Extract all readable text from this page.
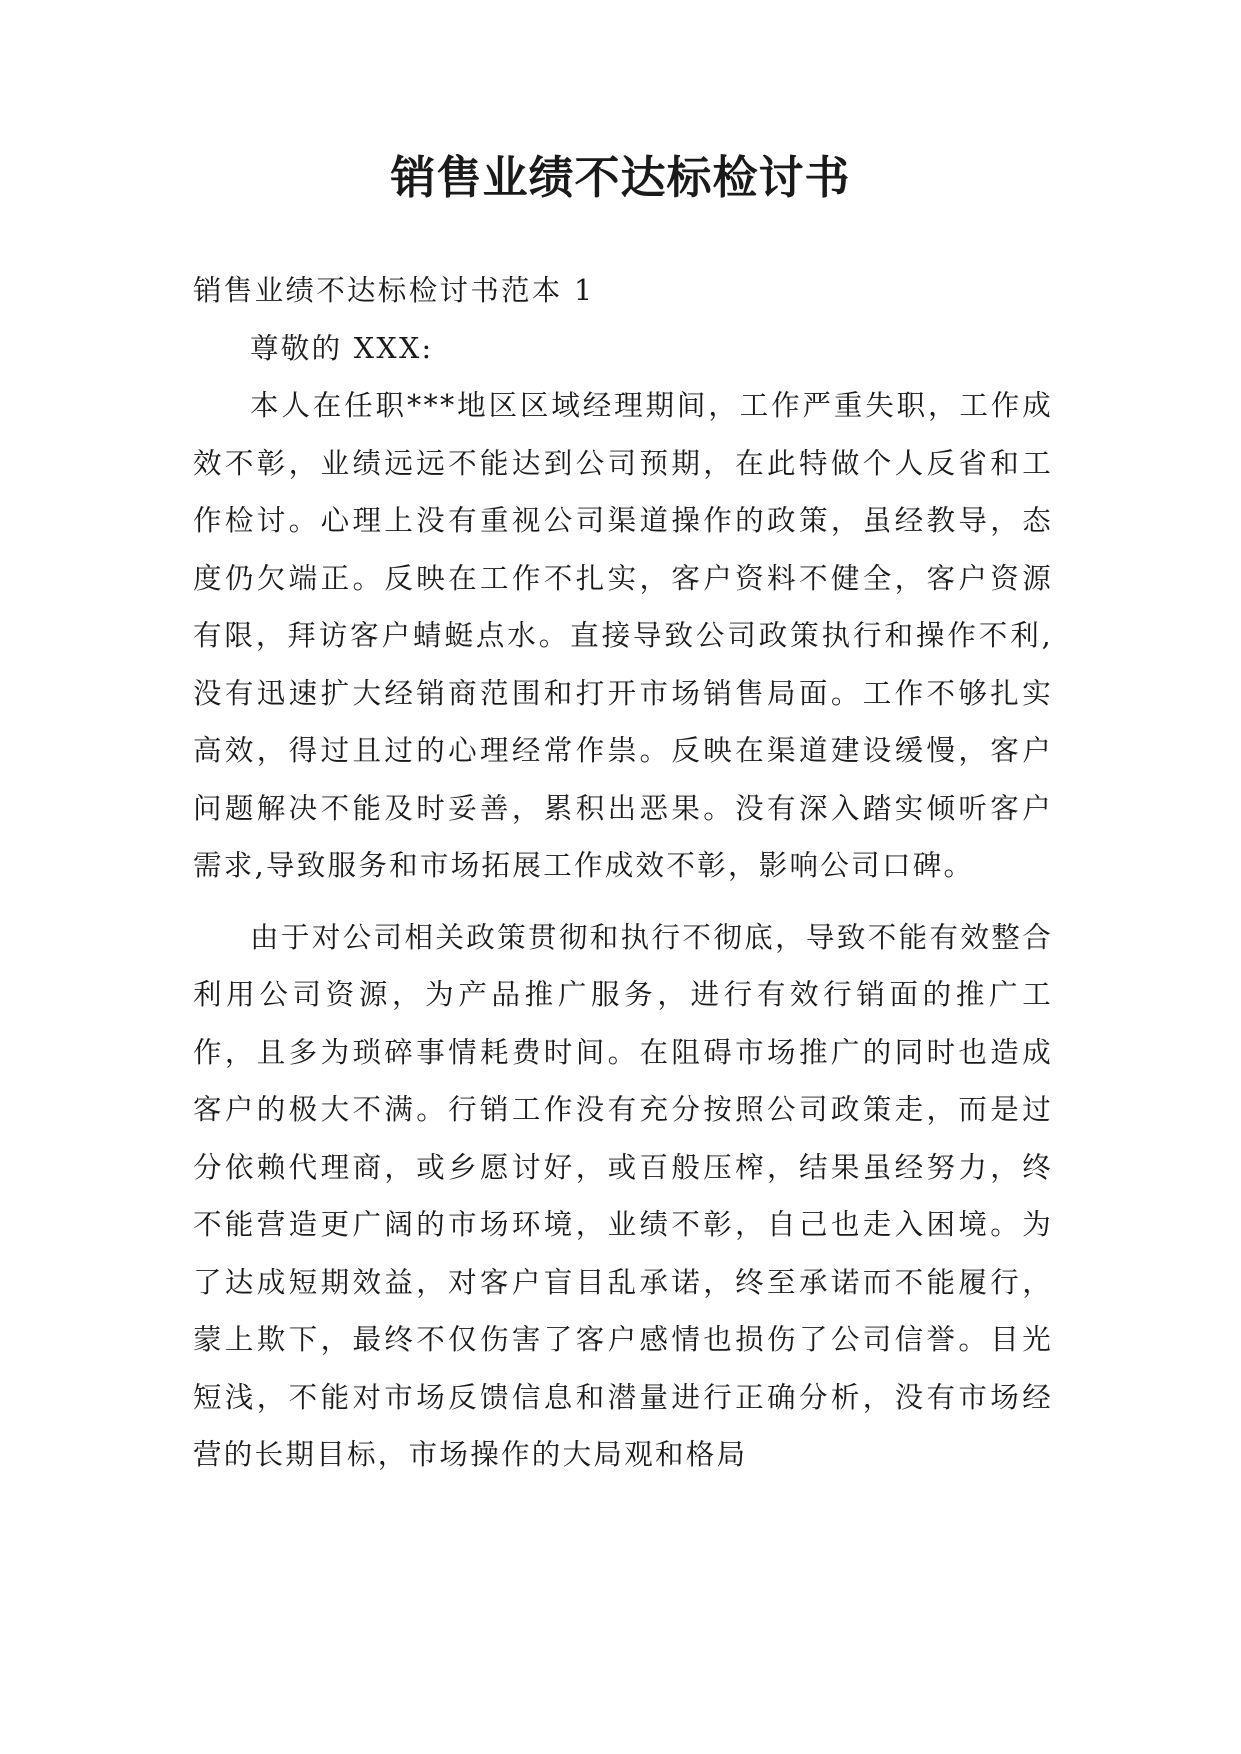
销售业绩不达标检讨书

销售业绩不达标检讨书范本 1

尊敬的 XXX:

本人在任职***地区区域经理期间，工作严重失职，工作成效不彰，业绩远远不能达到公司预期，在此特做个人反省和工作检讨。心理上没有重视公司渠道操作的政策，虽经教导，态度仍欠端正。反映在工作不扎实，客户资料不健全，客户资源有限，拜访客户蜻蜓点水。直接导致公司政策执行和操作不利,没有迅速扩大经销商范围和打开市场销售局面。工作不够扎实高效，得过且过的心理经常作祟。反映在渠道建设缓慢，客户问题解决不能及时妥善，累积出恶果。没有深入踏实倾听客户需求,导致服务和市场拓展工作成效不彰，影响公司口碑。

由于对公司相关政策贯彻和执行不彻底，导致不能有效整合利用公司资源，为产品推广服务，进行有效行销面的推广工作，且多为琐碎事情耗费时间。在阻碍市场推广的同时也造成客户的极大不满。行销工作没有充分按照公司政策走，而是过分依赖代理商，或乡愿讨好，或百般压榨，结果虽经努力，终不能营造更广阔的市场环境，业绩不彰，自己也走入困境。为了达成短期效益，对客户盲目乱承诺，终至承诺而不能履行，蒙上欺下，最终不仅伤害了客户感情也损伤了公司信誉。目光短浅，不能对市场反馈信息和潜量进行正确分析，没有市场经营的长期目标，市场操作的大局观和格局
